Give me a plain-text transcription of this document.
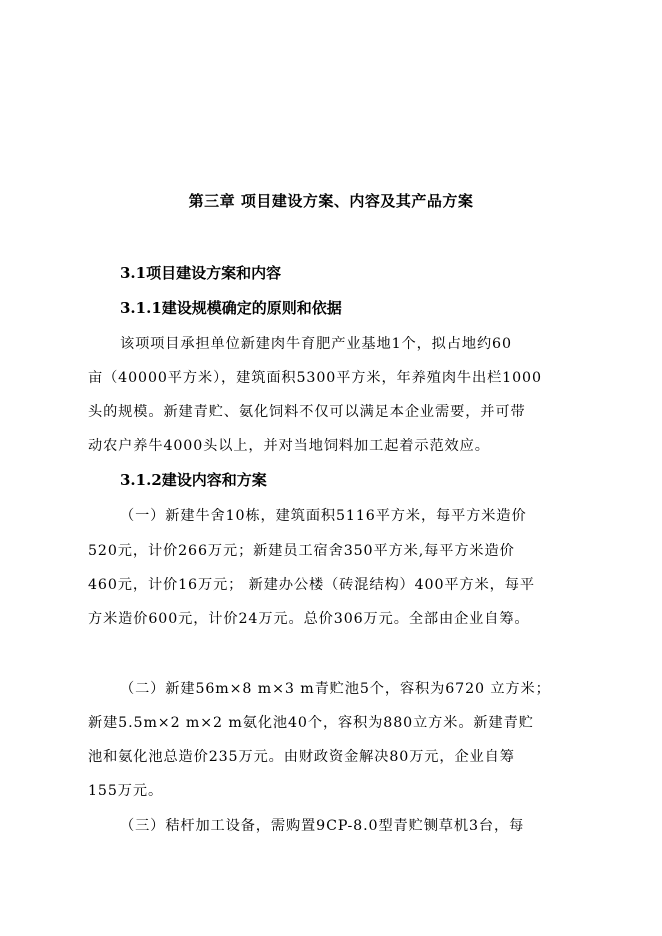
第三章 项目建设方案、内容及其产品方案
3.1项目建设方案和内容
3.1.1建设规模确定的原则和依据
该项项目承担单位新建肉牛育肥产业基地1个，拟占地约60
亩（40000平方米），建筑面积5300平方米，年养殖肉牛出栏1000
头的规模。新建青贮、氨化饲料不仅可以满足本企业需要，并可带
动农户养牛4000头以上，并对当地饲料加工起着示范效应。
3.1.2建设内容和方案
（一）新建牛舍10栋，建筑面积5116平方米，每平方米造价
520元，计价266万元；新建员工宿舍350平方米,每平方米造价
460元，计价16万元； 新建办公楼（砖混结构）400平方米，每平
方米造价600元，计价24万元。总价306万元。全部由企业自筹。
（二）新建56m×8 m×3 m青贮池5个，容积为6720 立方米；
新建5.5m×2 m×2 m氨化池40个，容积为880立方米。新建青贮
池和氨化池总造价235万元。由财政资金解决80万元，企业自筹
155万元。
（三）秸杆加工设备，需购置9CP-8.0型青贮铡草机3台，每
